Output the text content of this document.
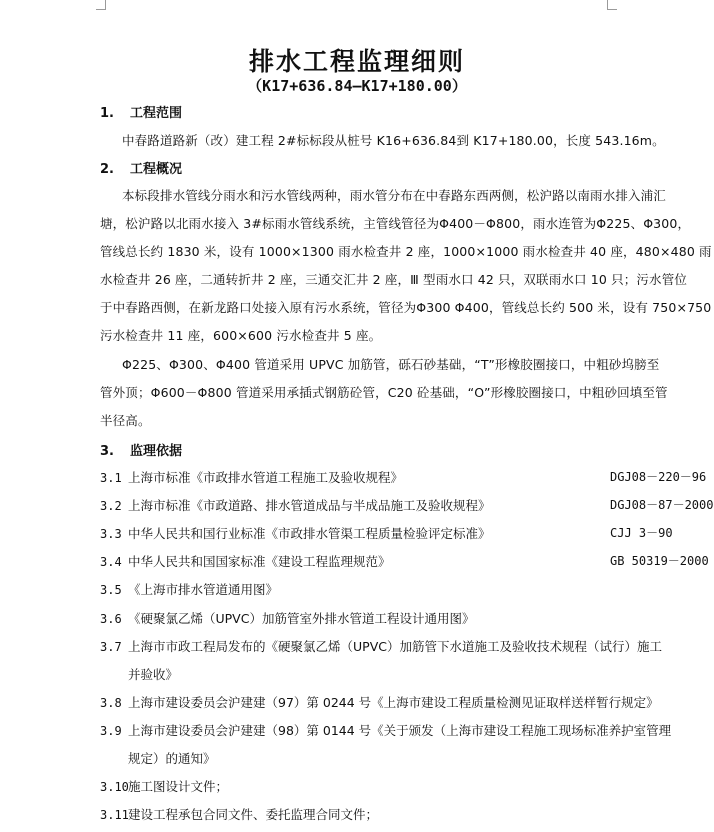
排水工程监理细则
（K17+636.84—K17+180.00）
1. 工程范围
中春路道路新（改）建工程 2#标标段从桩号 K16+636.84到 K17+180.00，长度 543.16m。
2. 工程概况
本标段排水管线分雨水和污水管线两种，雨水管分布在中春路东西两侧，松沪路以南雨水排入浦汇
塘，松沪路以北雨水接入 3#标雨水管线系统，主管线管径为Φ400－Φ800，雨水连管为Φ225、Φ300，
管线总长约 1830 米，设有 1000×1300 雨水检查井 2 座，1000×1000 雨水检查井 40 座，480×480 雨
水检查井 26 座，二通转折井 2 座，三通交汇井 2 座，Ⅲ 型雨水口 42 只，双联雨水口 10 只；污水管位
于中春路西侧，在新龙路口处接入原有污水系统，管径为Φ300 Φ400，管线总长约 500 米，设有 750×750
污水检查井 11 座，600×600 污水检查井 5 座。
Φ225、Φ300、Φ400 管道采用 UPVC 加筋管，砾石砂基础，“T”形橡胶圈接口，中粗砂坞膀至
管外顶；Φ600－Φ800 管道采用承插式钢筋砼管，C20 砼基础，“O”形橡胶圈接口，中粗砂回填至管
半径高。
3. 监理依据
3.1 上海市标准《市政排水管道工程施工及验收规程》	DGJ08－220－96
3.2 上海市标准《市政道路、排水管道成品与半成品施工及验收规程》	DGJ08－87－2000
3.3 中华人民共和国行业标准《市政排水管渠工程质量检验评定标准》	CJJ 3－90
3.4 中华人民共和国国家标准《建设工程监理规范》	GB 50319－2000
3.5 《上海市排水管道通用图》
3.6 《硬聚氯乙烯（UPVC）加筋管室外排水管道工程设计通用图》
3.7 上海市市政工程局发布的《硬聚氯乙烯（UPVC）加筋管下水道施工及验收技术规程（试行）施工
并验收》
3.8 上海市建设委员会沪建建（97）第 0244 号《上海市建设工程质量检测见证取样送样暂行规定》
3.9 上海市建设委员会沪建建（98）第 0144 号《关于颁发（上海市建设工程施工现场标准养护室管理
规定）的通知》
3.10施工图设计文件；
3.11建设工程承包合同文件、委托监理合同文件；
